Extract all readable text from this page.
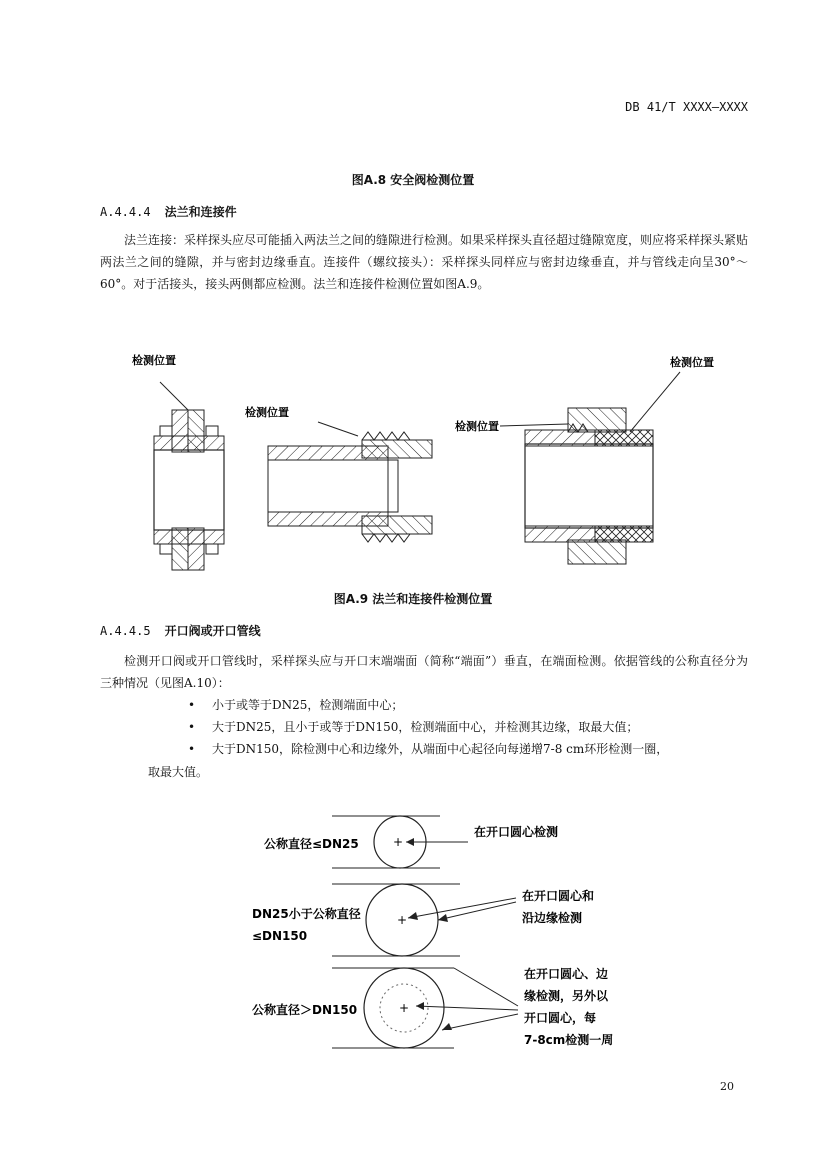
DB 41/T XXXX—XXXX
图A.8 安全阀检测位置
A.4.4.4 法兰和连接件

法兰连接：采样探头应尽可能插入两法兰之间的缝隙进行检测。如果采样探头直径超过缝隙宽度，则应将采样探头紧贴两法兰之间的缝隙，并与密封边缘垂直。连接件（螺纹接头）：采样探头同样应与密封边缘垂直，并与管线走向呈30°～60°。对于活接头，接头两侧都应检测。法兰和连接件检测位置如图A.9。

检测位置
检测位置
检测位置
检测位置
图A.9 法兰和连接件检测位置
A.4.4.5 开口阀或开口管线

检测开口阀或开口管线时，采样探头应与开口末端端面（简称“端面”）垂直，在端面检测。依据管线的公称直径分为三种情况（见图A.10）：

• 小于或等于DN25，检测端面中心；
• 大于DN25，且小于或等于DN150，检测端面中心，并检测其边缘，取最大值；
• 大于DN150，除检测中心和边缘外，从端面中心起径向每递增7-8 cm环形检测一圈，
取最大值。
+
公称直径≤DN25
在开口圆心检测
+
DN25小于公称直径
≤DN150
在开口圆心和
沿边缘检测
+
公称直径＞DN150
在开口圆心、边
缘检测，另外以
开口圆心，每
7-8cm检测一周
20
